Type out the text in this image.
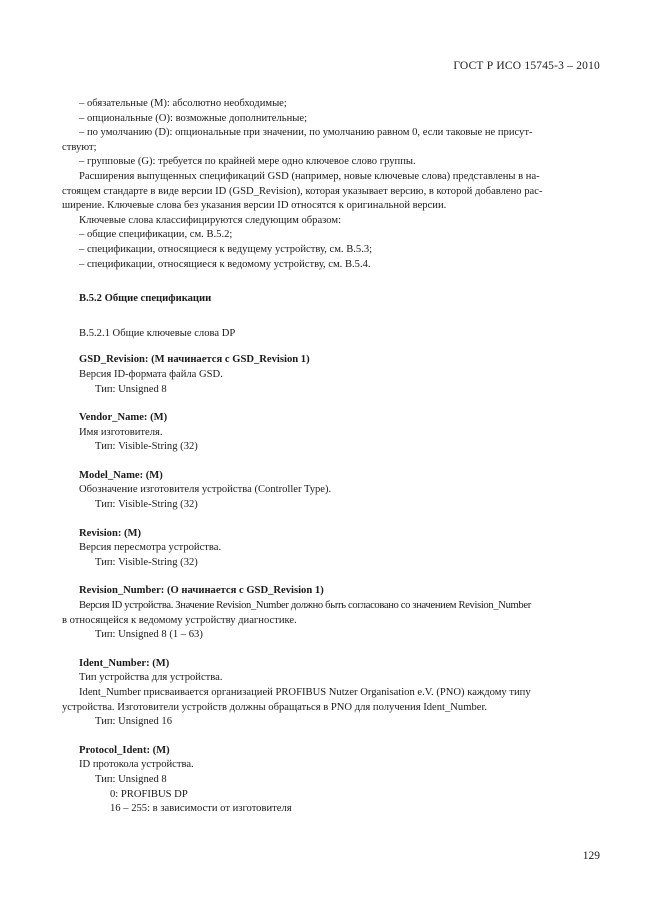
ГОСТ Р ИСО 15745-3 – 2010

– обязательные (M): абсолютно необходимые;

– опциональные (O): возможные дополнительные;

– по умолчанию (D): опциональные при значении, по умолчанию равном 0, если таковые не присут-

ствуют;

– групповые (G): требуется по крайней мере одно ключевое слово группы.

Расширения выпущенных спецификаций GSD (например, новые ключевые слова) представлены в на-

стоящем стандарте в виде версии ID (GSD_Revision), которая указывает версию, в которой добавлено рас-

ширение. Ключевые слова без указания версии ID относятся к оригинальной версии.

Ключевые слова классифицируются следующим образом:

– общие спецификации, см. B.5.2;

– спецификации, относящиеся к ведущему устройству, см. B.5.3;

– спецификации, относящиеся к ведомому устройству, см. B.5.4.

B.5.2 Общие спецификации

B.5.2.1 Общие ключевые слова DP

GSD_Revision: (M начинается с GSD_Revision 1)

Версия ID-формата файла GSD.

Тип: Unsigned 8

Vendor_Name: (M)

Имя изготовителя.

Тип: Visible-String (32)

Model_Name: (M)

Обозначение изготовителя устройства (Controller Type).

Тип: Visible-String (32)

Revision: (M)

Версия пересмотра устройства.

Тип: Visible-String (32)

Revision_Number: (O начинается с GSD_Revision 1)

Версия ID устройства. Значение Revision_Number должно быть согласовано со значением Revision_Number

в относящейся к ведомому устройству диагностике.

Тип: Unsigned 8 (1 – 63)

Ident_Number: (M)

Тип устройства для устройства.

Ident_Number присваивается организацией PROFIBUS Nutzer Organisation e.V. (PNO) каждому типу

устройства. Изготовители устройств должны обращаться в PNO для получения Ident_Number.

Тип: Unsigned 16

Protocol_Ident: (M)

ID протокола устройства.

Тип: Unsigned 8

0: PROFIBUS DP

16 – 255: в зависимости от изготовителя

129
